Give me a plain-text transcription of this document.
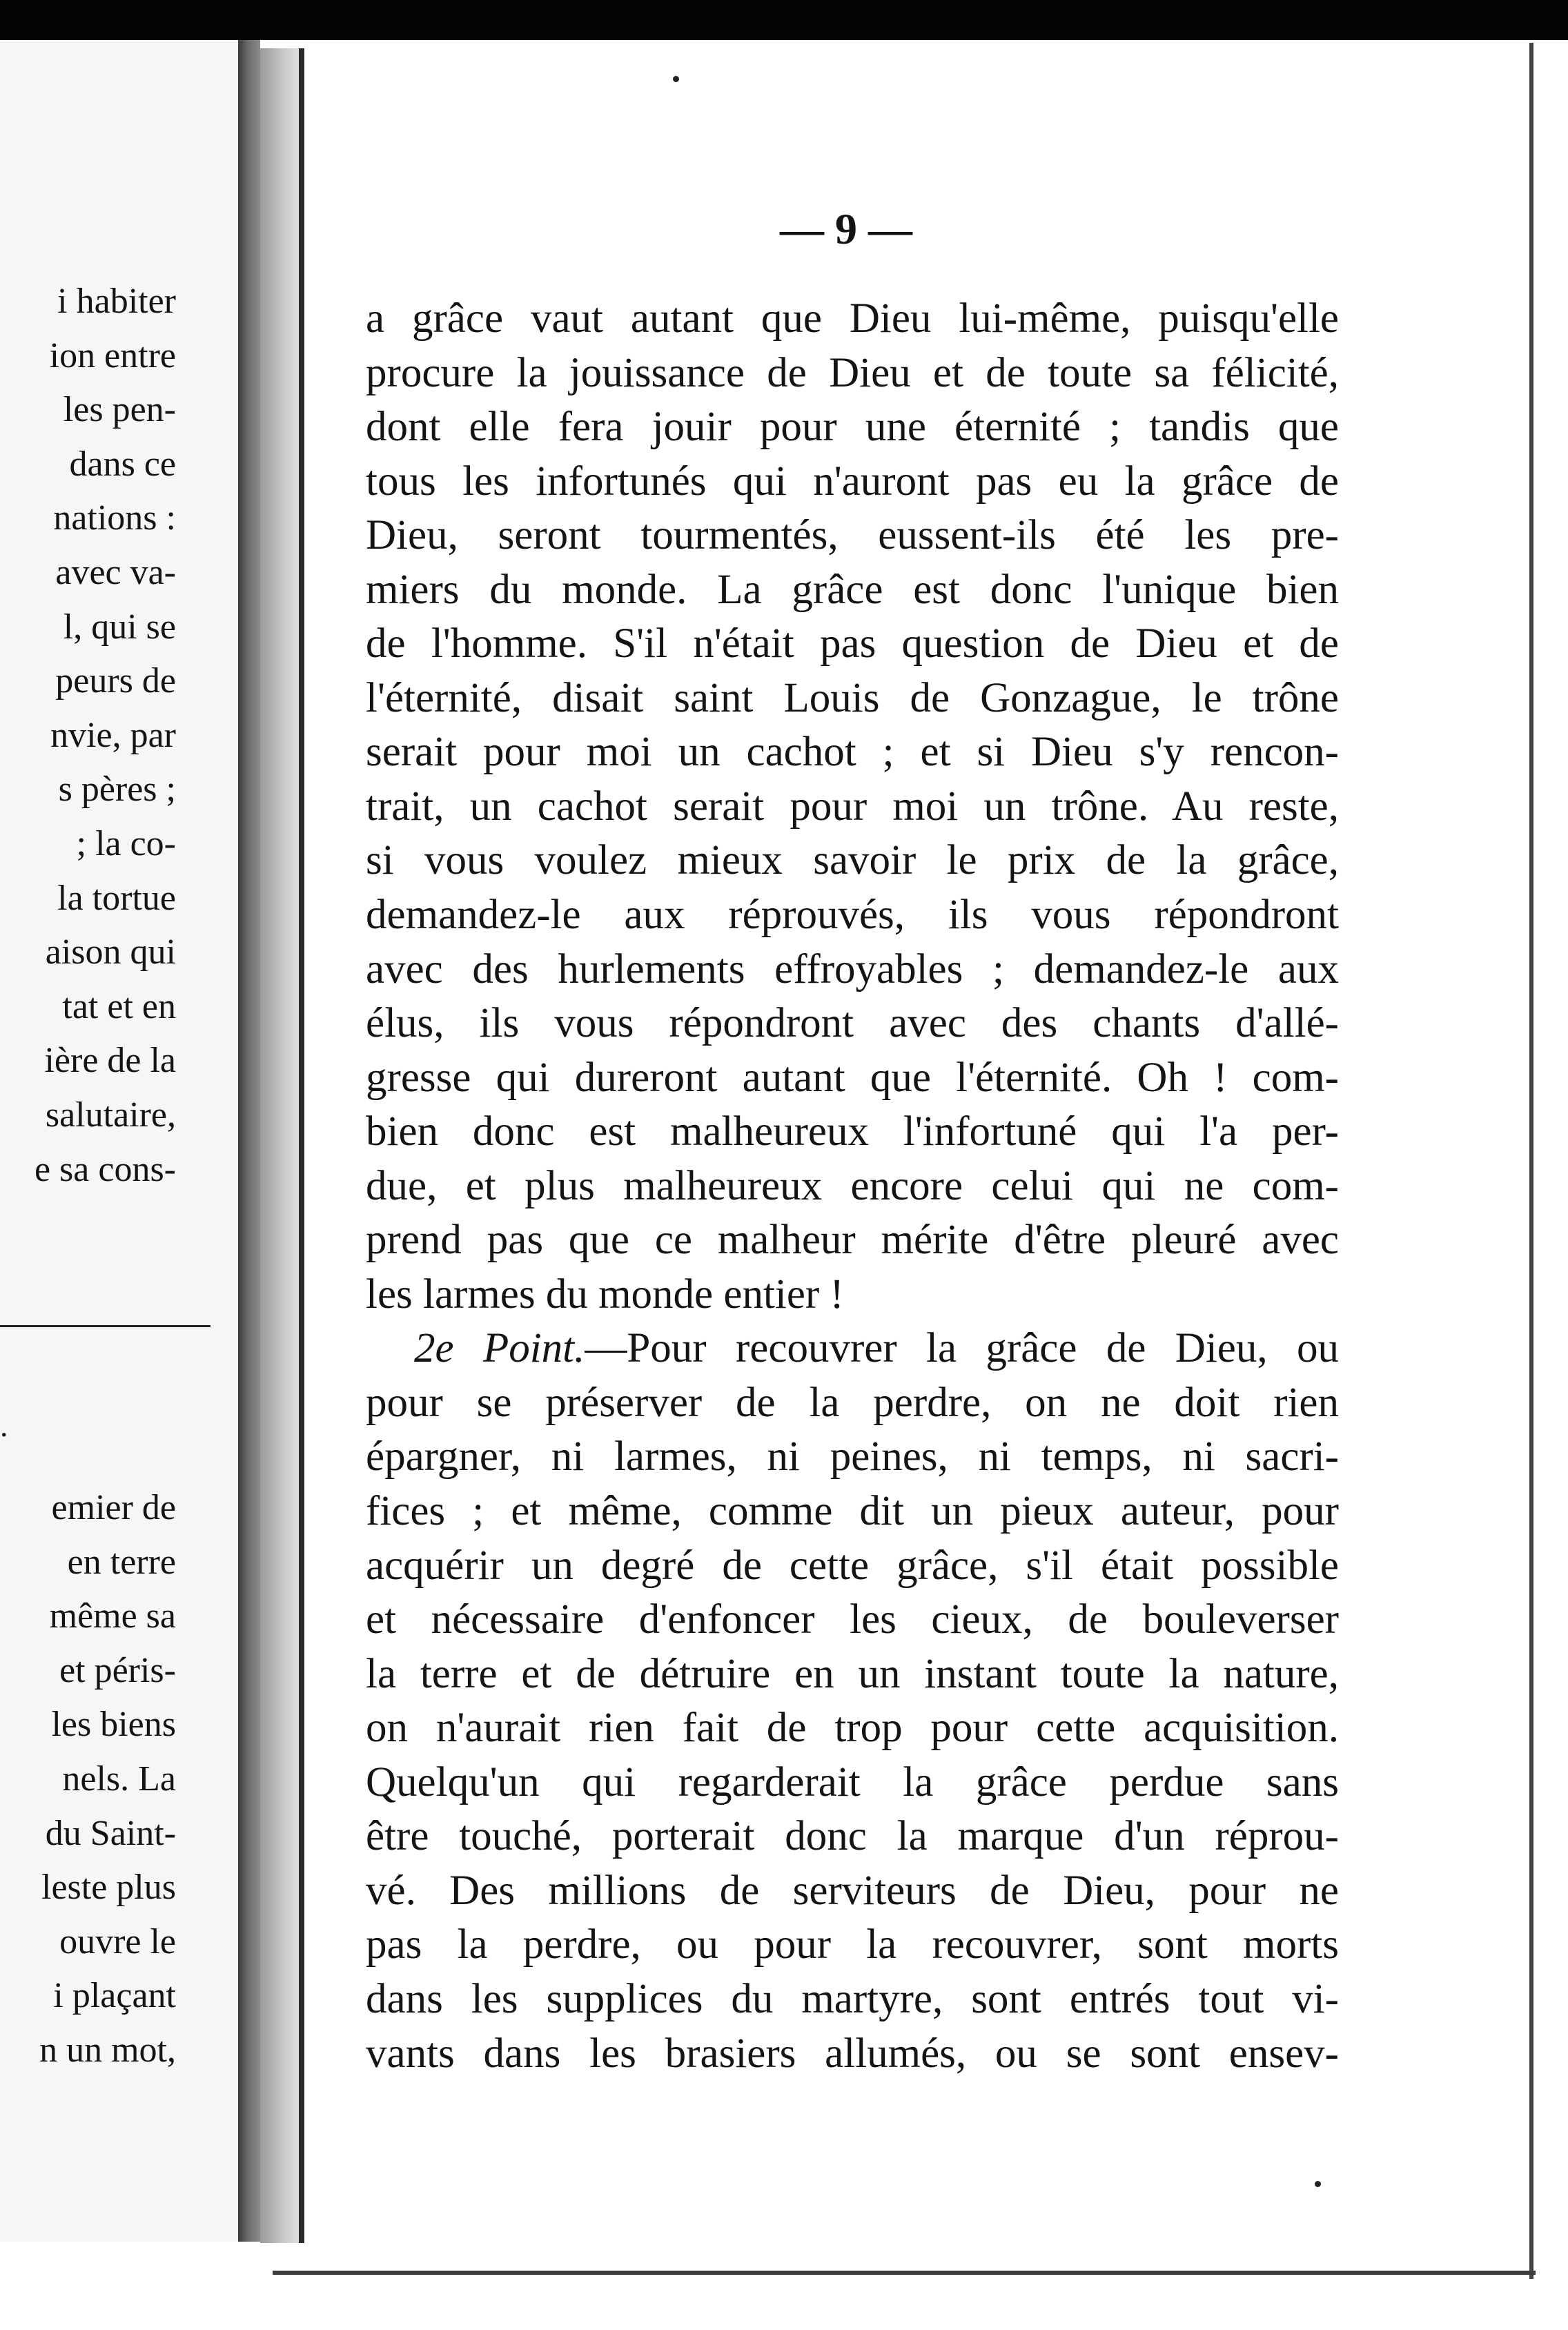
i habiter
ion entre
les pen-
dans ce
nations :
avec va-
l, qui se
peurs de
nvie, par
s pères ;
; la co-
la tortue
aison qui
tat et en
ière de la
salutaire,
e sa cons-
.
emier de
en terre
même sa
et péris-
les biens
nels. La
du Saint-
leste plus
ouvre le
i plaçant
n un mot,
— 9 —
a grâce vaut autant que Dieu lui-même, puisqu'elle
procure la jouissance de Dieu et de toute sa félicité,
dont elle fera jouir pour une éternité ; tandis que
tous les infortunés qui n'auront pas eu la grâce de
Dieu, seront tourmentés, eussent-ils été les pre-
miers du monde. La grâce est donc l'unique bien
de l'homme. S'il n'était pas question de Dieu et de
l'éternité, disait saint Louis de Gonzague, le trône
serait pour moi un cachot ; et si Dieu s'y rencon-
trait, un cachot serait pour moi un trône. Au reste,
si vous voulez mieux savoir le prix de la grâce,
demandez-le aux réprouvés, ils vous répondront
avec des hurlements effroyables ; demandez-le aux
élus, ils vous répondront avec des chants d'allé-
gresse qui dureront autant que l'éternité. Oh ! com-
bien donc est malheureux l'infortuné qui l'a per-
due, et plus malheureux encore celui qui ne com-
prend pas que ce malheur mérite d'être pleuré avec
les larmes du monde entier !
2e Point.—Pour recouvrer la grâce de Dieu, ou
pour se préserver de la perdre, on ne doit rien
épargner, ni larmes, ni peines, ni temps, ni sacri-
fices ; et même, comme dit un pieux auteur, pour
acquérir un degré de cette grâce, s'il était possible
et nécessaire d'enfoncer les cieux, de bouleverser
la terre et de détruire en un instant toute la nature,
on n'aurait rien fait de trop pour cette acquisition.
Quelqu'un qui regarderait la grâce perdue sans
être touché, porterait donc la marque d'un réprou-
vé. Des millions de serviteurs de Dieu, pour ne
pas la perdre, ou pour la recouvrer, sont morts
dans les supplices du martyre, sont entrés tout vi-
vants dans les brasiers allumés, ou se sont ensev-
